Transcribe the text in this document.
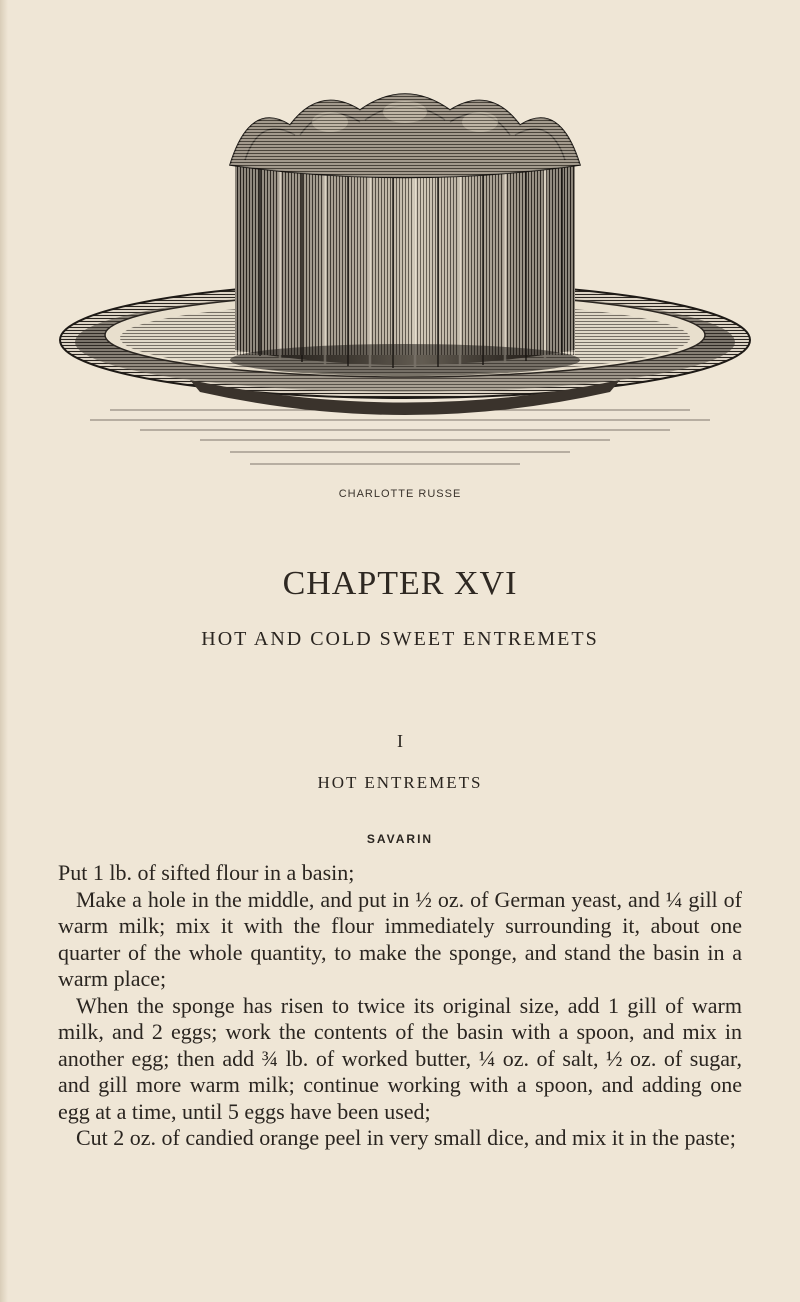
CHARLOTTE RUSSE
CHAPTER XVI
HOT AND COLD SWEET ENTREMETS
I
HOT ENTREMETS
SAVARIN

Put 1 lb. of sifted flour in a basin;

Make a hole in the middle, and put in ½ oz. of German yeast, and ¼ gill of warm milk; mix it with the flour immediately surrounding it, about one quarter of the whole quantity, to make the sponge, and stand the basin in a warm place;

When the sponge has risen to twice its original size, add 1 gill of warm milk, and 2 eggs; work the contents of the basin with a spoon, and mix in another egg; then add ¾ lb. of worked butter, ¼ oz. of salt, ½ oz. of sugar, and gill more warm milk; continue working with a spoon, and adding one egg at a time, until 5 eggs have been used;

Cut 2 oz. of candied orange peel in very small dice, and mix it in the paste;
